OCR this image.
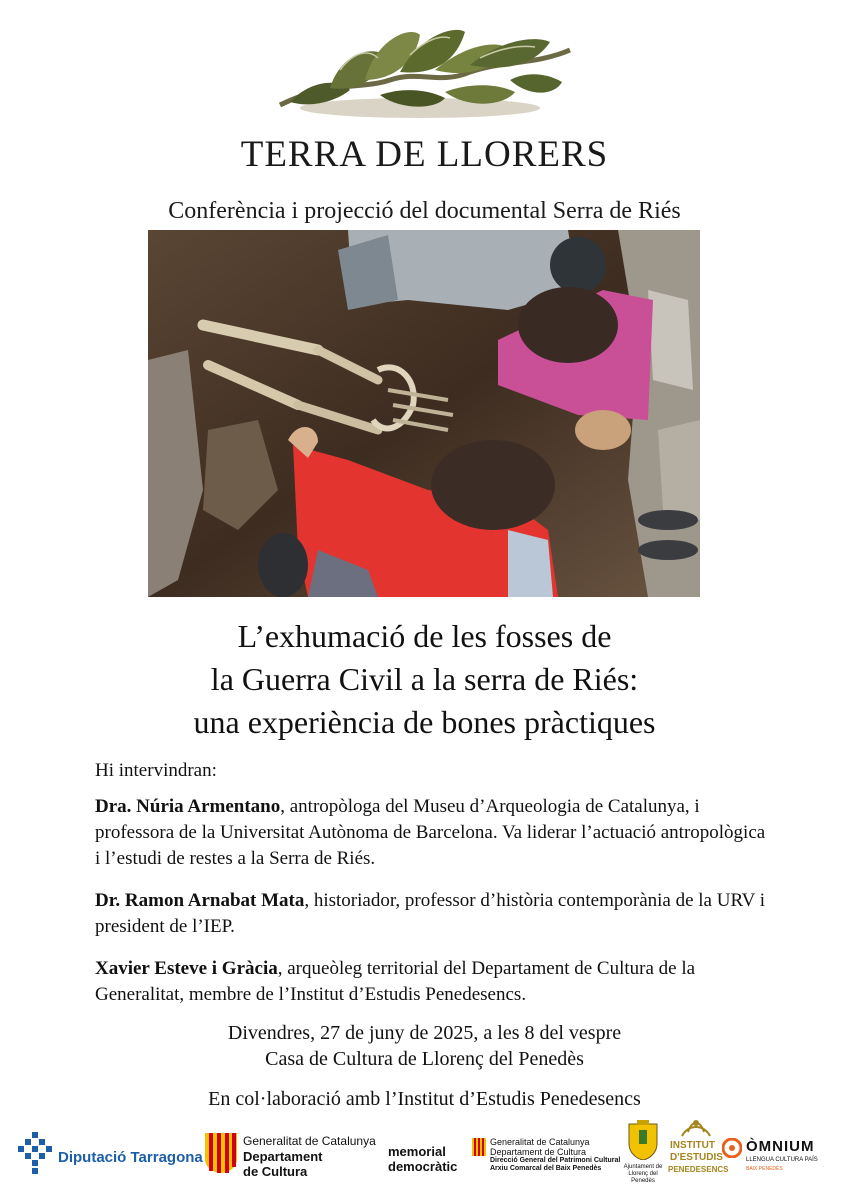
TERRA DE LLORERS
Conferència i projecció del documental Serra de Riés
L’exhumació de les fosses de
la Guerra Civil a la serra de Riés:
una experiència de bones pràctiques
Hi intervindran:
Dra. Núria Armentano, antropòloga del Museu d’Arqueologia de Catalunya, i professora de la Universitat Autònoma de Barcelona. Va liderar l’actuació antropològica i l’estudi de restes a la Serra de Riés.
Dr. Ramon Arnabat Mata, historiador, professor d’història contemporània de la URV i president de l’IEP.
Xavier Esteve i Gràcia, arqueòleg territorial del Departament de Cultura de la Generalitat, membre de l’Institut d’Estudis Penedesencs.
Divendres, 27 de juny de 2025, a les 8 del vespre
Casa de Cultura de Llorenç del Penedès
En col·laboració amb l’Institut d’Estudis Penedesencs
Diputació Tarragona
Generalitat de Catalunya
Departament
de Cultura
memorial
democràtic
Generalitat de Catalunya
Departament de Cultura
Direcció General del Patrimoni Cultural
Arxiu Comarcal del Baix Penedès	Ajuntament de Llorenç del Penedès
INSTITUT
D'ESTUDIS
PENEDESENCS
ÒMNIUM
LLENGUA CULTURA PAÍS
BAIX PENEDÈS
